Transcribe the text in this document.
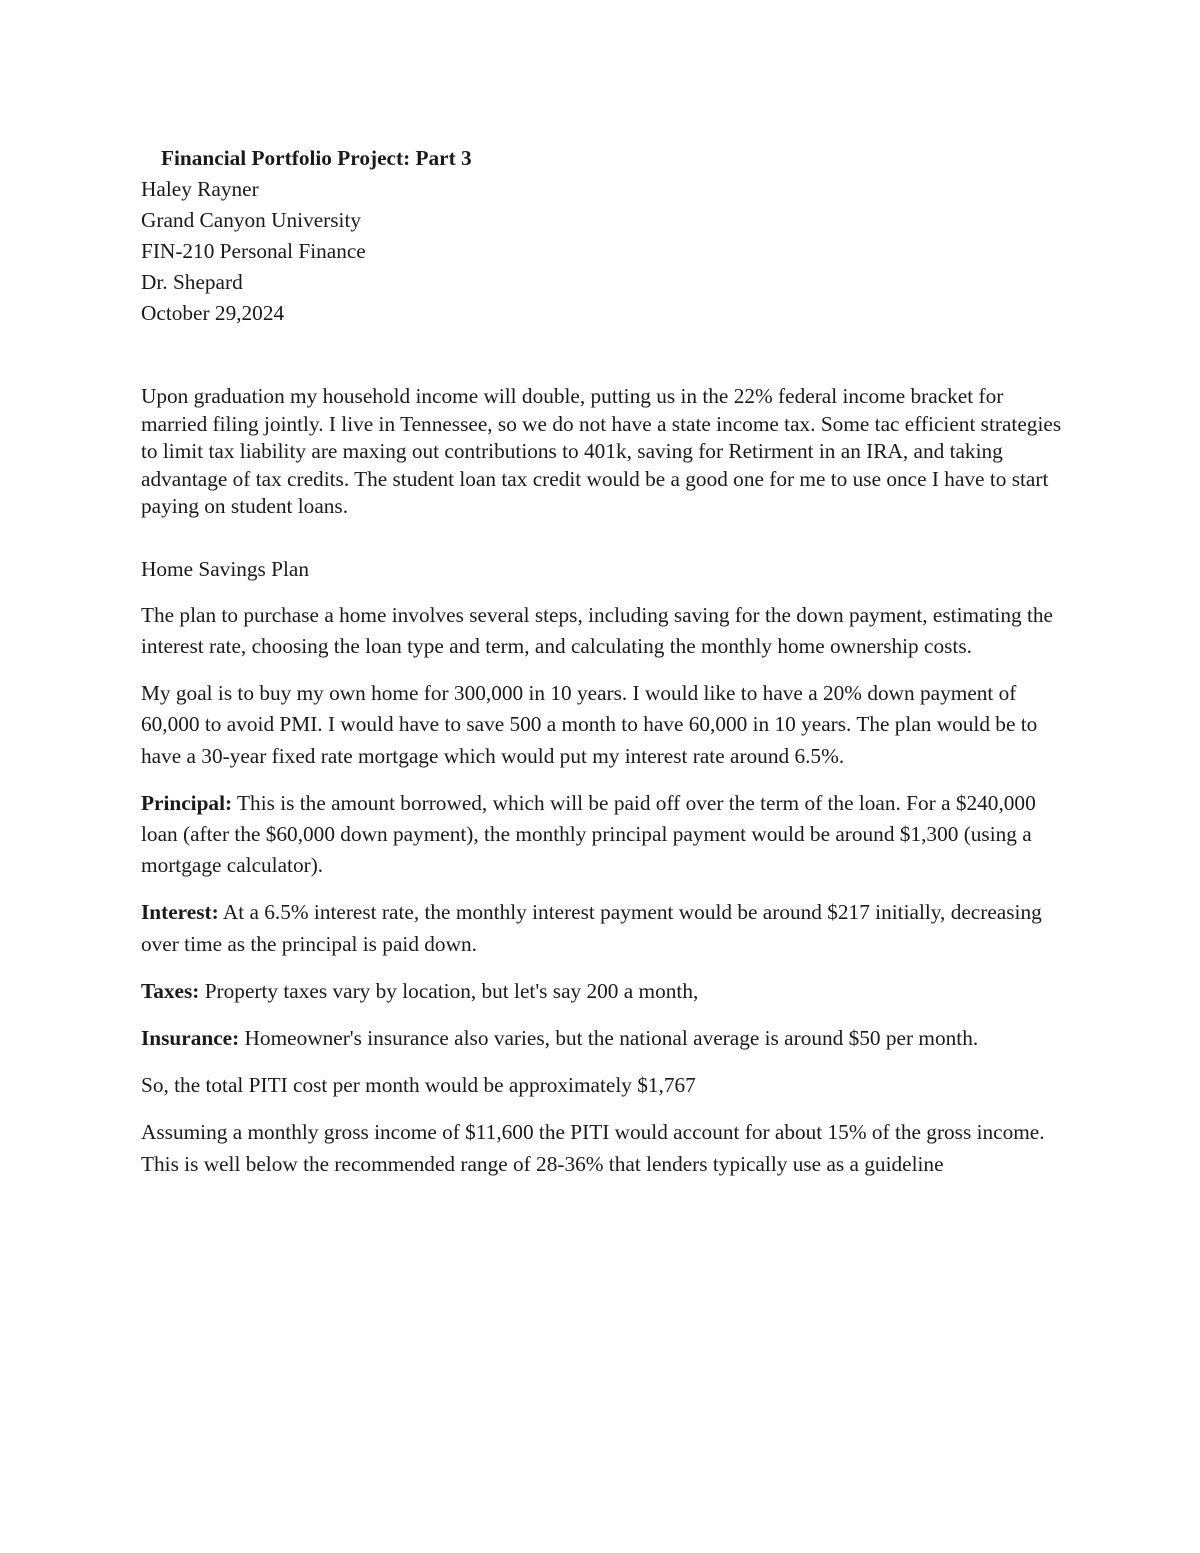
Financial Portfolio Project: Part 3

Haley Rayner

Grand Canyon University

FIN-210 Personal Finance

Dr. Shepard

October 29,2024

Upon graduation my household income will double, putting us in the 22% federal income bracket for married filing jointly. I live in Tennessee, so we do not have a state income tax. Some tac efficient strategies to limit tax liability are maxing out contributions to 401k, saving for Retirment in an IRA, and taking advantage of tax credits. The student loan tax credit would be a good one for me to use once I have to start paying on student loans.

Home Savings Plan

The plan to purchase a home involves several steps, including saving for the down payment, estimating the interest rate, choosing the loan type and term, and calculating the monthly home ownership costs.

My goal is to buy my own home for 300,000 in 10 years. I would like to have a 20% down payment of 60,000 to avoid PMI. I would have to save 500 a month to have 60,000 in 10 years. The plan would be to have a 30-year fixed rate mortgage which would put my interest rate around 6.5%.

Principal: This is the amount borrowed, which will be paid off over the term of the loan. For a $240,000 loan (after the $60,000 down payment), the monthly principal payment would be around $1,300 (using a mortgage calculator).

Interest: At a 6.5% interest rate, the monthly interest payment would be around $217 initially, decreasing over time as the principal is paid down.

Taxes: Property taxes vary by location, but let's say 200 a month,

Insurance: Homeowner's insurance also varies, but the national average is around $50 per month.

So, the total PITI cost per month would be approximately $1,767

Assuming a monthly gross income of $11,600 the PITI would account for about 15% of the gross income. This is well below the recommended range of 28-36% that lenders typically use as a guideline
